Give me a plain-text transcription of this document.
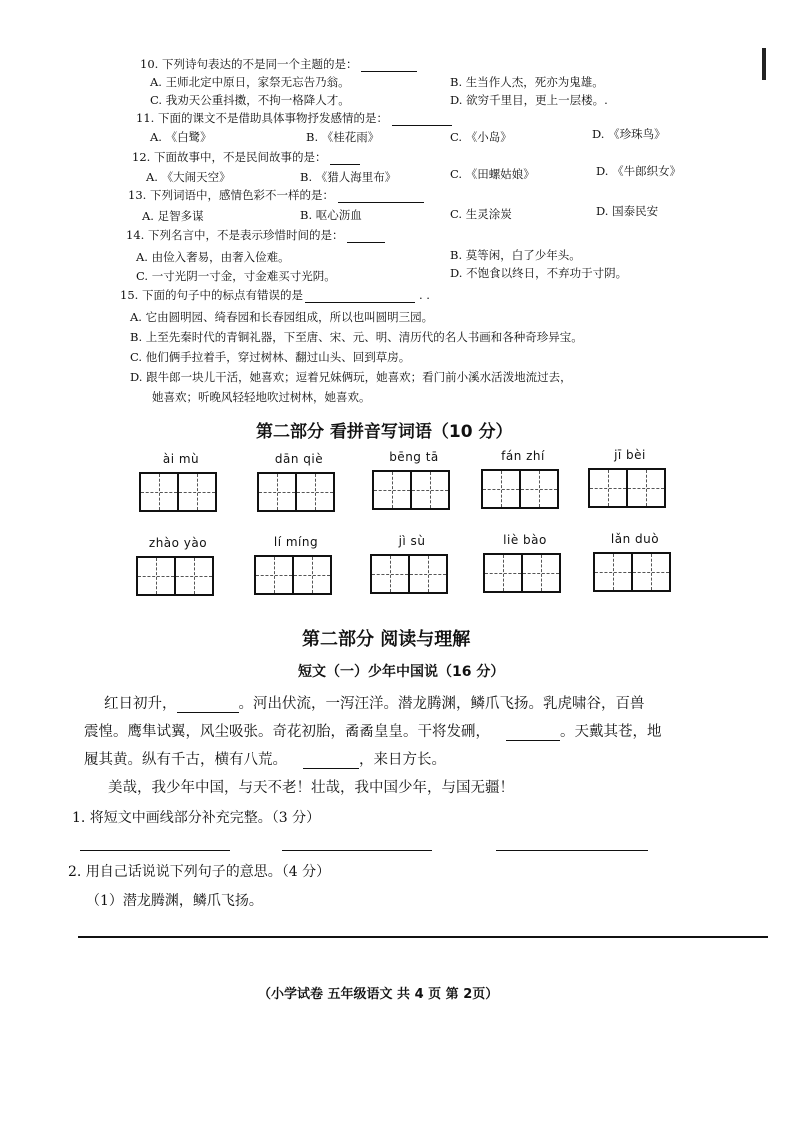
10. 下列诗句表达的不是同一个主题的是：
A. 王师北定中原日，家祭无忘告乃翁。	B. 生当作人杰，死亦为鬼雄。
C. 我劝天公重抖擞，不拘一格降人才。	D. 欲穷千里目，更上一层楼。.
11. 下面的课文不是借助具体事物抒发感情的是：
A. 《白鹭》	B. 《桂花雨》	C. 《小岛》	D. 《珍珠鸟》
12. 下面故事中，不是民间故事的是：
A. 《大闹天空》	B. 《猎人海里布》	C. 《田螺姑娘》	D. 《牛郎织女》
13. 下列词语中，感情色彩不一样的是：
A. 足智多谋	B. 呕心沥血	C. 生灵涂炭	D. 国泰民安
14. 下列名言中，不是表示珍惜时间的是：
A. 由俭入奢易，由奢入俭难。	B. 莫等闲，白了少年头。
C. 一寸光阴一寸金，寸金难买寸光阴。	D. 不饱食以终日，不弃功于寸阴。
15. 下面的句子中的标点有错误的是	. .
A. 它由圆明园、绮春园和长春园组成，所以也叫圆明三园。
B. 上至先秦时代的青铜礼器，下至唐、宋、元、明、清历代的名人书画和各种奇珍异宝。
C. 他们俩手拉着手，穿过树林、翻过山头、回到草房。
D. 跟牛郎一块儿干活，她喜欢；逗着兄妹俩玩，她喜欢；看门前小溪水活泼地流过去，
她喜欢；听晚风轻轻地吹过树林，她喜欢。
第二部分 看拼音写词语（10 分）
ài mù	dān qiè	bēng tā	fán zhí	jī bèi
zhào yào	lí míng	jì sù	liè bào	lǎn duò
第二部分 阅读与理解
短文（一）少年中国说（16 分）
红日初升，	。河出伏流，一泻汪洋。潜龙腾渊，鳞爪飞扬。乳虎啸谷，百兽
震惶。鹰隼试翼，风尘吸张。奇花初胎，矞矞皇皇。干将发硎，	。天戴其苍，地
履其黄。纵有千古，横有八荒。	，来日方长。
美哉，我少年中国，与天不老！壮哉，我中国少年，与国无疆！
1. 将短文中画线部分补充完整。（3 分）
2. 用自己话说说下列句子的意思。（4 分）
（1）潜龙腾渊，鳞爪飞扬。
（小学试卷 五年级语文 共 4 页 第 2页）
